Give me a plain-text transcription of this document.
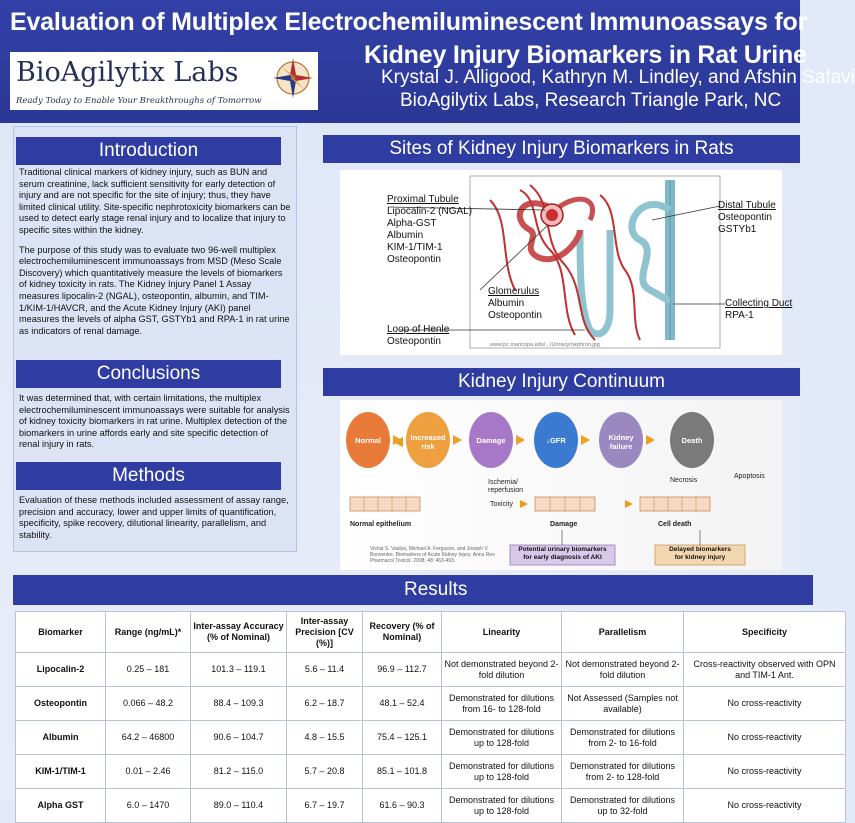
Evaluation of Multiplex Electrochemiluminescent Immunoassays for
Kidney Injury Biomarkers in Rat Urine
Krystal J. Alligood, Kathryn M. Lindley, and Afshin Safavi
BioAgilytix Labs, Research Triangle Park, NC
BioAgilytix Labs
Ready Today to Enable Your Breakthroughs of Tomorrow
Introduction

Traditional clinical markers of kidney injury, such as BUN and serum creatinine, lack sufficient sensitivity for early detection of injury and are not specific for the site of injury; thus, they have limited clinical utility. Site-specific nephrotoxicity biomarkers can be used to detect early stage renal injury and to localize that injury to specific sites within the kidney.

The purpose of this study was to evaluate two 96-well multiplex electrochemiluminescent immunoassays from MSD (Meso Scale Discovery) which quantitatively measure the levels of biomarkers of kidney toxicity in rats. The Kidney Injury Panel 1 Assay measures lipocalin-2 (NGAL), osteopontin, albumin, and TIM-1/KIM-1/HAVCR, and the Acute Kidney Injury (AKI) panel measures the levels of alpha GST, GSTYb1 and RPA-1 in rat urine as indicators of renal damage.

Conclusions
It was determined that, with certain limitations, the multiplex electrochemiluminescent immunoassays were suitable for analysis of kidney toxicity biomarkers in rat urine. Multiplex detection of the biomarkers in urine affords early and site specific detection of renal injury in rats.
Methods
Evaluation of these methods included assessment of assay range, precision and accuracy, lower and upper limits of quantification, specificity, spike recovery, dilutional linearity, parallelism, and stability.
Sites of Kidney Injury Biomarkers in Rats
www.pc.maricopa.edu/.../Urinary/nephron.jpg
Proximal Tubule
Lipocalin-2 (NGAL)
Alpha-GST
Albumin
KIM-1/TIM-1
Osteopontin
Glomerulus
Albumin
Osteopontin
Loop of Henle
Osteopontin
Distal Tubule
Osteopontin
GSTYb1
Collecting Duct
RPA-1
Kidney Injury Continuum
Normal	Increased risk
Damage	↓GFR	Kidney failure
Death
Ischemia/ reperfusion
Toxicity
Necrosis
Apoptosis
Normal epithelium	Damage	Cell death
Potential urinary biomarkers
for early diagnosis of AKI
Delayed biomarkers
for kidney injury
Vishal S. Vaidya, Michael A. Ferguson, and Joseph V. Bonventre. Biomarkers of Acute Kidney Injury. Annu Rev Pharmacol Toxicol. 2008; 48: 463-493.
Results
Biomarker	Range (ng/mL)*	Inter-assay Accuracy (% of Nominal)	Inter-assay Precision [CV (%)]	Recovery (% of Nominal)	Linearity	Parallelism	Specificity
Lipocalin-2	0.25 – 181	101.3 – 119.1	5.6 – 11.4	96.9 – 112.7	Not demonstrated beyond 2-fold dilution	Not demonstrated beyond 2-fold dilution	Cross-reactivity observed with OPN and TIM-1 Ant.
Osteopontin	0.066 – 48.2	88.4 – 109.3	6.2 – 18.7	48.1 – 52.4	Demonstrated for dilutions from 16- to 128-fold	Not Assessed (Samples not available)	No cross-reactivity
Albumin	64.2 – 46800	90.6 – 104.7	4.8 – 15.5	75.4 – 125.1	Demonstrated for dilutions up to 128-fold	Demonstrated for dilutions from 2- to 16-fold	No cross-reactivity
KIM-1/TIM-1	0.01 – 2.46	81.2 – 115.0	5.7 – 20.8	85.1 – 101.8	Demonstrated for dilutions up to 128-fold	Demonstrated for dilutions from 2- to 128-fold	No cross-reactivity
Alpha GST	6.0 – 1470	89.0 – 110.4	6.7 – 19.7	61.6 – 90.3	Demonstrated for dilutions up to 128-fold	Demonstrated for dilutions up to 32-fold	No cross-reactivity
